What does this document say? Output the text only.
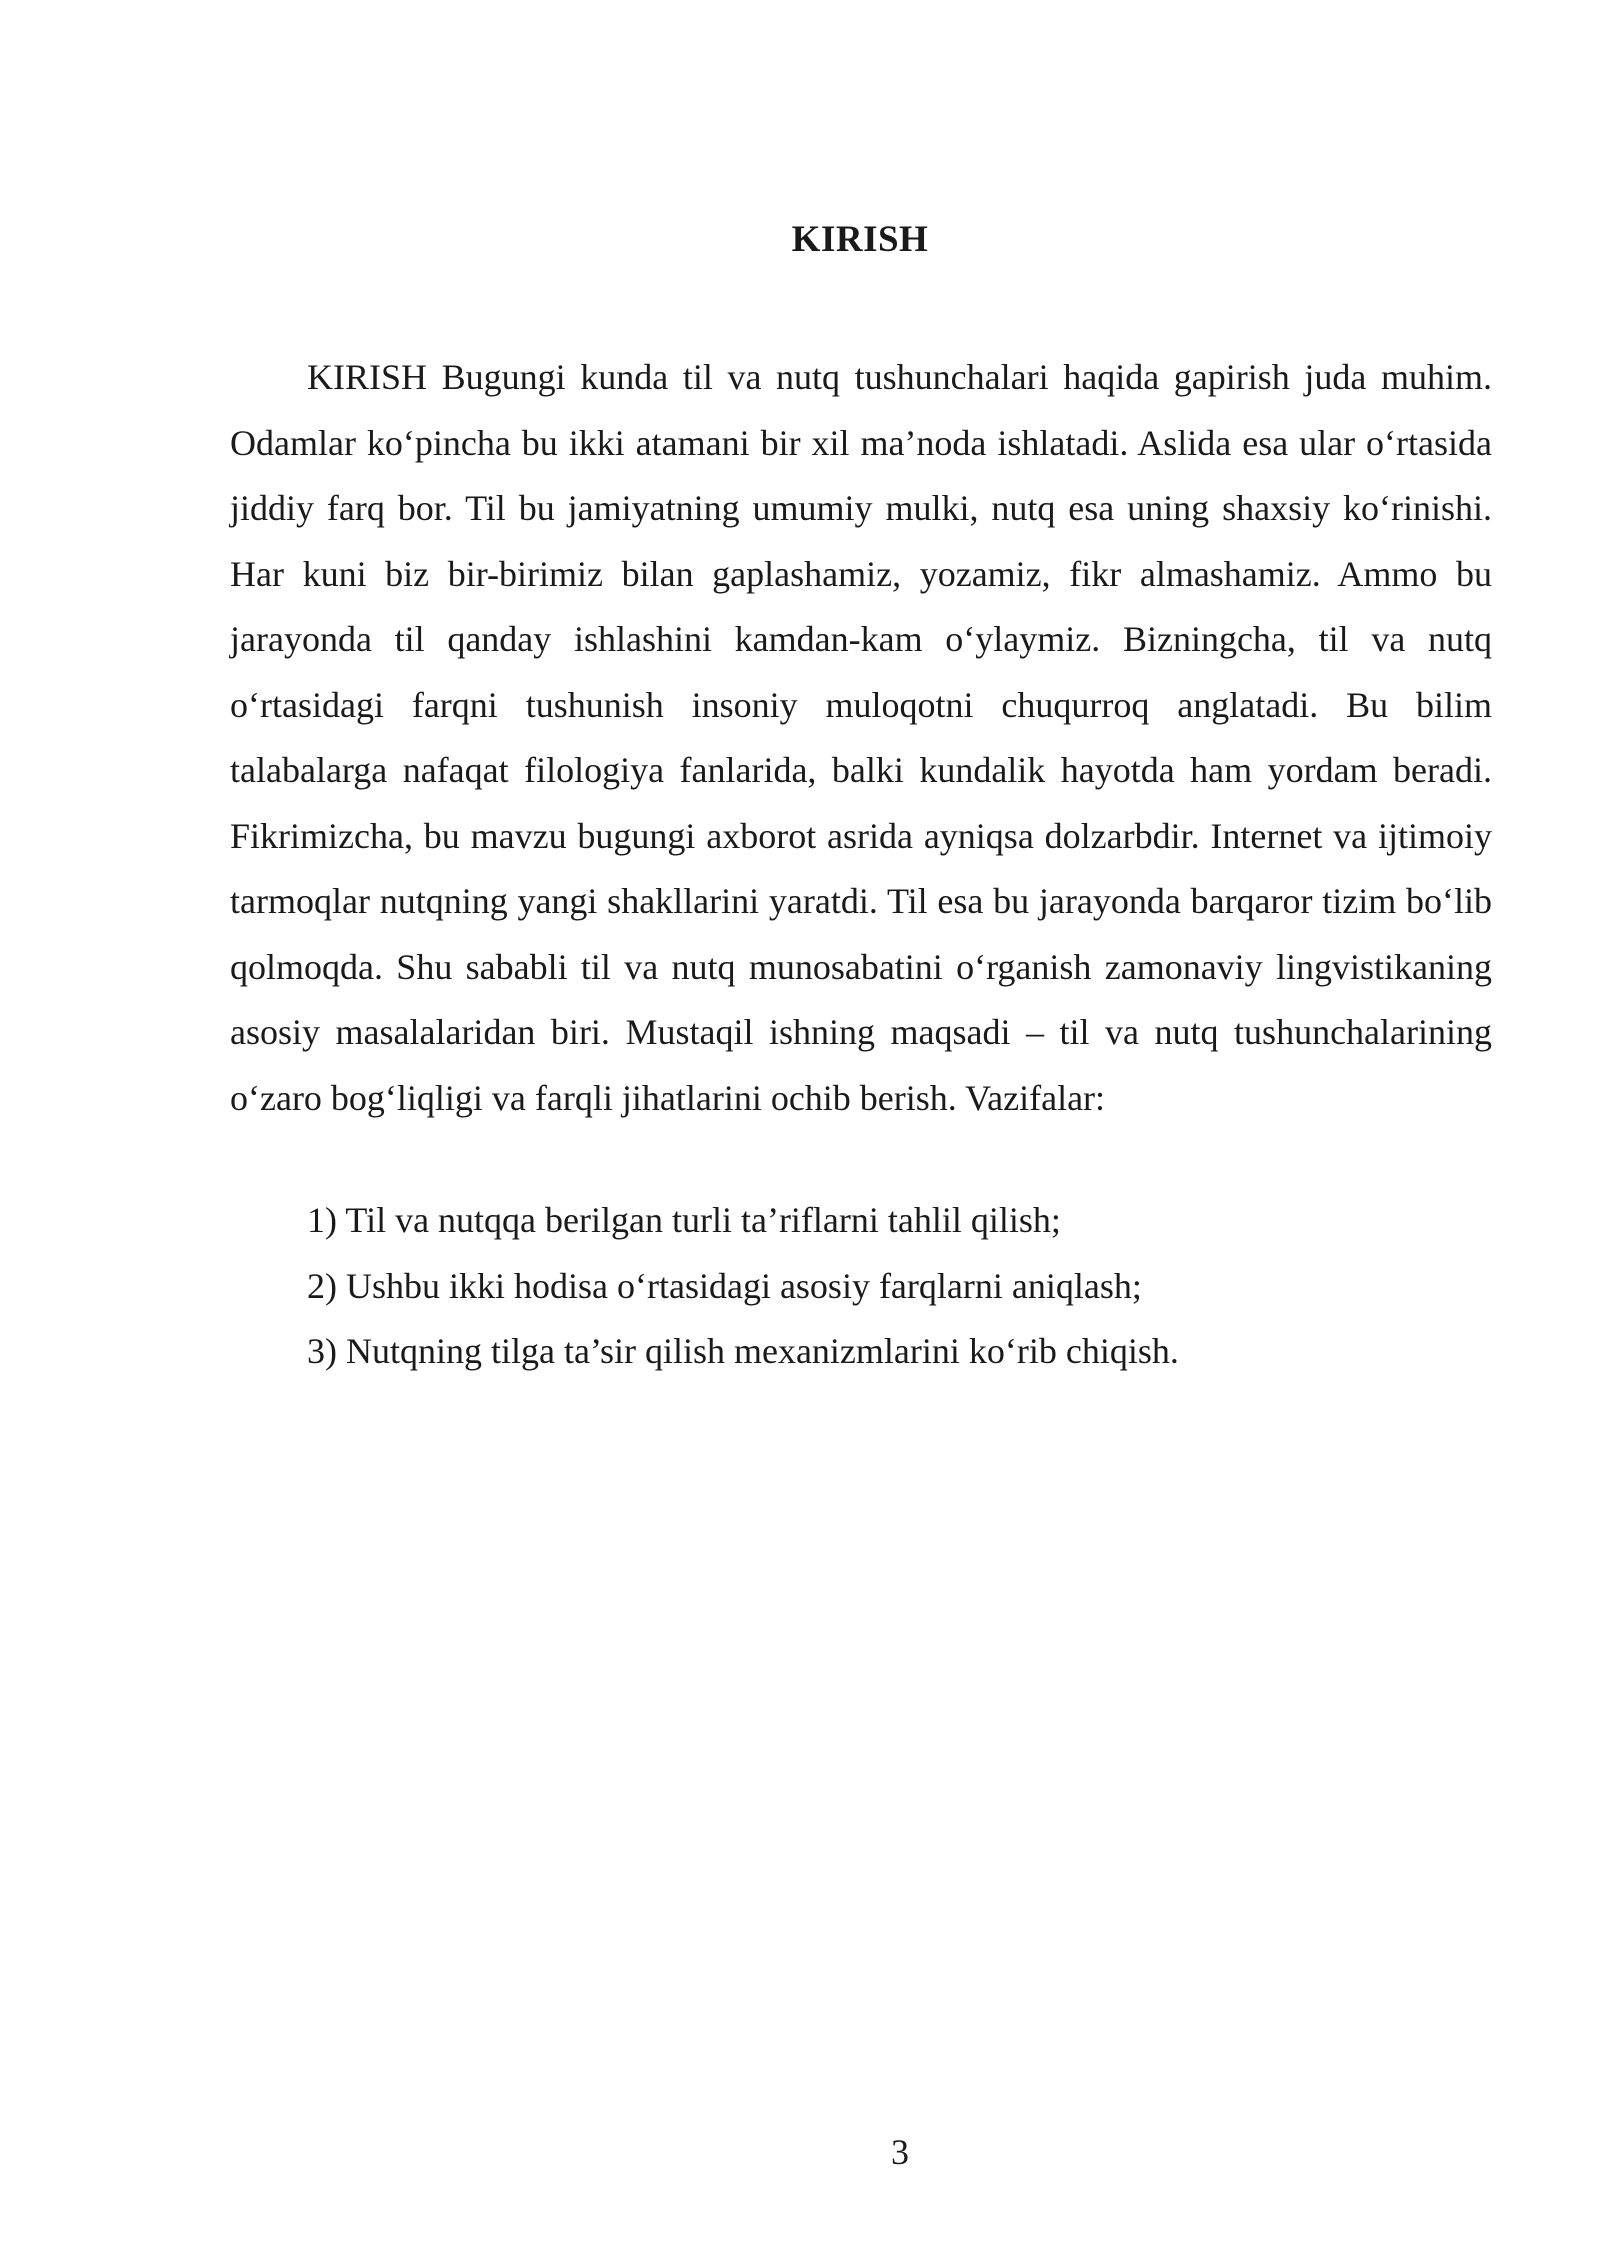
KIRISH

KIRISH Bugungi kunda til va nutq tushunchalari haqida gapirish juda muhim. Odamlar ko‘pincha bu ikki atamani bir xil ma’noda ishlatadi. Aslida esa ular o‘rtasida jiddiy farq bor. Til bu jamiyatning umumiy mulki, nutq esa uning shaxsiy ko‘rinishi. Har kuni biz bir-birimiz bilan gaplashamiz, yozamiz, fikr almashamiz. Ammo bu jarayonda til qanday ishlashini kamdan-kam o‘ylaymiz. Bizningcha, til va nutq o‘rtasidagi farqni tushunish insoniy muloqotni chuqurroq anglatadi. Bu bilim talabalarga nafaqat filologiya fanlarida, balki kundalik hayotda ham yordam beradi. Fikrimizcha, bu mavzu bugungi axborot asrida ayniqsa dolzarbdir. Internet va ijtimoiy tarmoqlar nutqning yangi shakllarini yaratdi. Til esa bu jarayonda barqaror tizim bo‘lib qolmoqda. Shu sababli til va nutq munosabatini o‘rganish zamonaviy lingvistikaning asosiy masalalaridan biri. Mustaqil ishning maqsadi – til va nutq tushunchalarining o‘zaro bog‘liqligi va farqli jihatlarini ochib berish. Vazifalar:

1) Til va nutqqa berilgan turli ta’riflarni tahlil qilish;
2) Ushbu ikki hodisa o‘rtasidagi asosiy farqlarni aniqlash;
3) Nutqning tilga ta’sir qilish mexanizmlarini ko‘rib chiqish.
3
